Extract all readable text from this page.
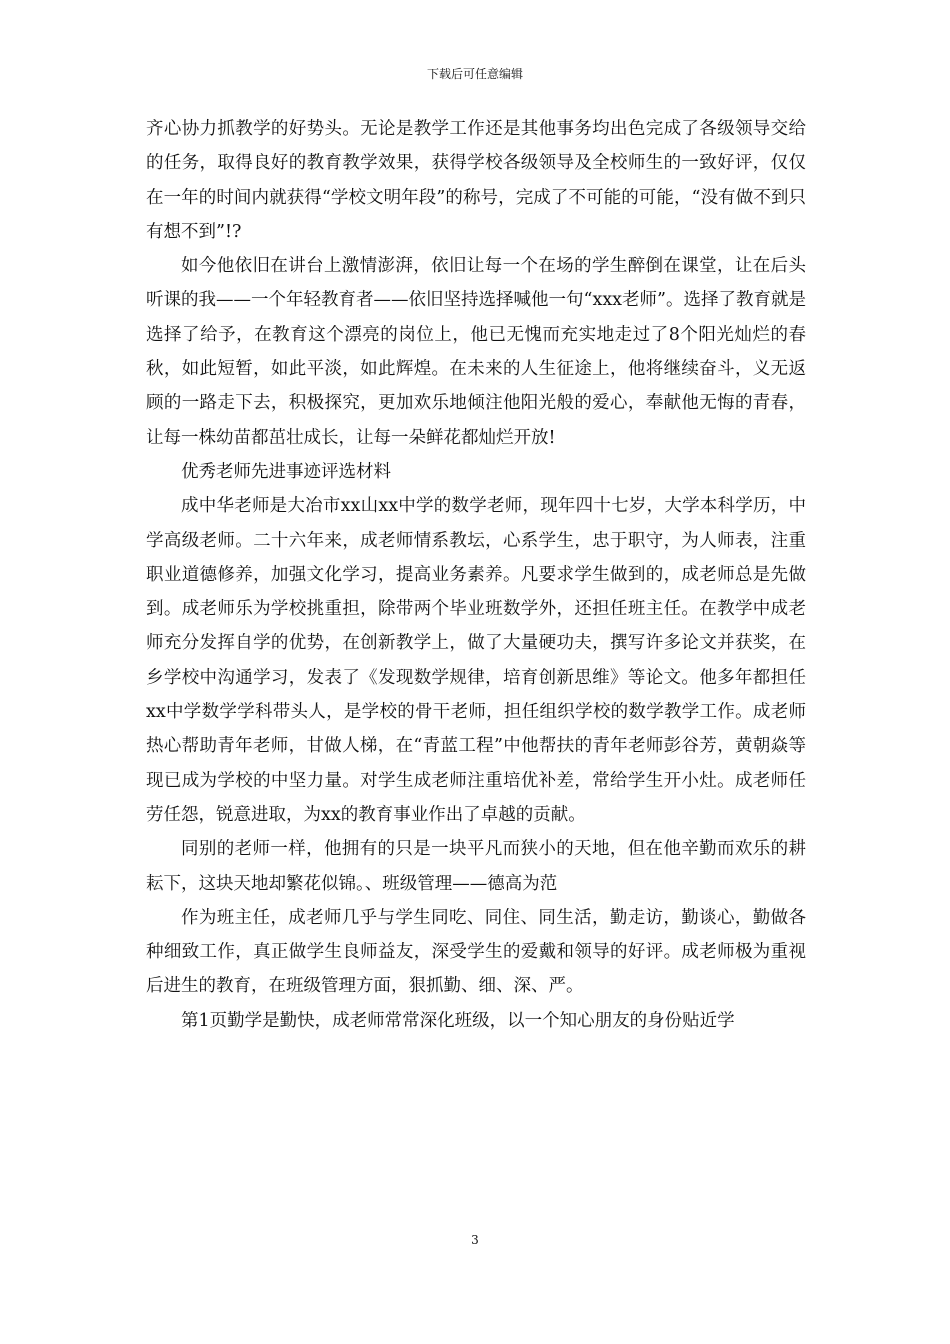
下载后可任意编辑

齐心协力抓教学的好势头。无论是教学工作还是其他事务均出色完成了各级领导交给的任务，取得良好的教育教学效果，获得学校各级领导及全校师生的一致好评，仅仅在一年的时间内就获得“学校文明年段”的称号，完成了不可能的可能，“没有做不到只有想不到”!?

如今他依旧在讲台上激情澎湃，依旧让每一个在场的学生醉倒在课堂，让在后头听课的我——一个年轻教育者——依旧坚持选择喊他一句“xxx老师”。选择了教育就是选择了给予，在教育这个漂亮的岗位上，他已无愧而充实地走过了8个阳光灿烂的春秋，如此短暂，如此平淡，如此辉煌。在未来的人生征途上，他将继续奋斗，义无返顾的一路走下去，积极探究，更加欢乐地倾注他阳光般的爱心，奉献他无悔的青春，让每一株幼苗都茁壮成长，让每一朵鲜花都灿烂开放!

优秀老师先进事迹评选材料

成中华老师是大冶市xx山xx中学的数学老师，现年四十七岁，大学本科学历，中学高级老师。二十六年来，成老师情系教坛，心系学生，忠于职守，为人师表，注重职业道德修养，加强文化学习，提高业务素养。凡要求学生做到的，成老师总是先做到。成老师乐为学校挑重担，除带两个毕业班数学外，还担任班主任。在教学中成老师充分发挥自学的优势，在创新教学上，做了大量硬功夫，撰写许多论文并获奖，在乡学校中沟通学习，发表了《发现数学规律，培育创新思维》等论文。他多年都担任xx中学数学学科带头人，是学校的骨干老师，担任组织学校的数学教学工作。成老师热心帮助青年老师，甘做人梯，在“青蓝工程”中他帮扶的青年老师彭谷芳，黄朝焱等现已成为学校的中坚力量。对学生成老师注重培优补差，常给学生开小灶。成老师任劳任怨，锐意进取，为xx的教育事业作出了卓越的贡献。

同别的老师一样，他拥有的只是一块平凡而狭小的天地，但在他辛勤而欢乐的耕耘下，这块天地却繁花似锦。、班级管理——德高为范

作为班主任，成老师几乎与学生同吃、同住、同生活，勤走访，勤谈心，勤做各种细致工作，真正做学生良师益友，深受学生的爱戴和领导的好评。成老师极为重视后进生的教育，在班级管理方面，狠抓勤、细、深、严。

第1页勤学是勤快，成老师常常深化班级，以一个知心朋友的身份贴近学

3
